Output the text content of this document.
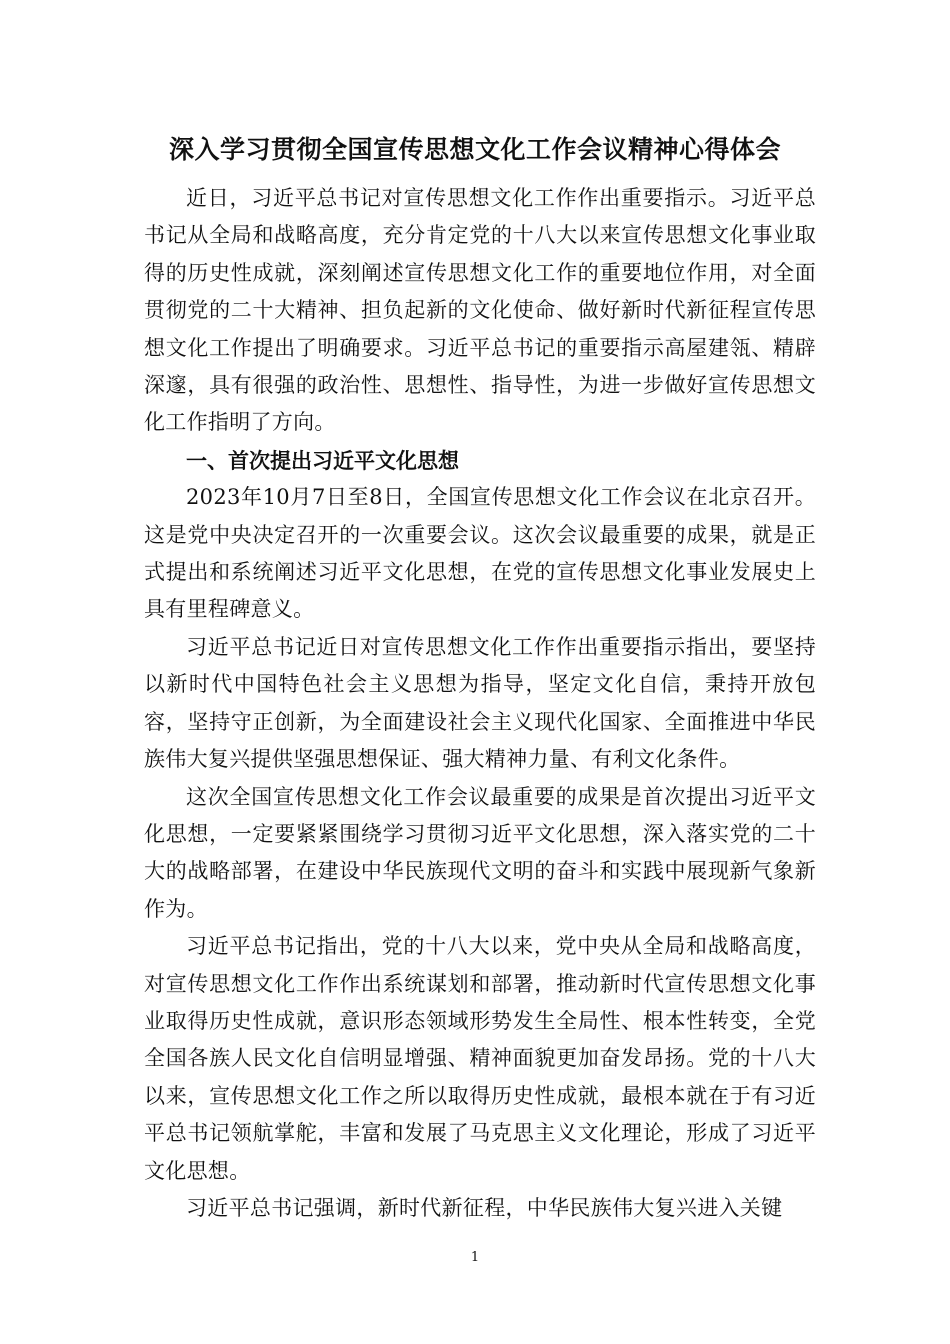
深入学习贯彻全国宣传思想文化工作会议精神心得体会

近日，习近平总书记对宣传思想文化工作作出重要指示。习近平总书记从全局和战略高度，充分肯定党的十八大以来宣传思想文化事业取得的历史性成就，深刻阐述宣传思想文化工作的重要地位作用，对全面贯彻党的二十大精神、担负起新的文化使命、做好新时代新征程宣传思想文化工作提出了明确要求。习近平总书记的重要指示高屋建瓴、精辟深邃，具有很强的政治性、思想性、指导性，为进一步做好宣传思想文化工作指明了方向。

一、首次提出习近平文化思想

2023年10月7日至8日，全国宣传思想文化工作会议在北京召开。这是党中央决定召开的一次重要会议。这次会议最重要的成果，就是正式提出和系统阐述习近平文化思想，在党的宣传思想文化事业发展史上具有里程碑意义。

习近平总书记近日对宣传思想文化工作作出重要指示指出，要坚持以新时代中国特色社会主义思想为指导，坚定文化自信，秉持开放包容，坚持守正创新，为全面建设社会主义现代化国家、全面推进中华民族伟大复兴提供坚强思想保证、强大精神力量、有利文化条件。

这次全国宣传思想文化工作会议最重要的成果是首次提出习近平文化思想，一定要紧紧围绕学习贯彻习近平文化思想，深入落实党的二十大的战略部署，在建设中华民族现代文明的奋斗和实践中展现新气象新作为。

习近平总书记指出，党的十八大以来，党中央从全局和战略高度，对宣传思想文化工作作出系统谋划和部署，推动新时代宣传思想文化事业取得历史性成就，意识形态领域形势发生全局性、根本性转变，全党全国各族人民文化自信明显增强、精神面貌更加奋发昂扬。党的十八大以来，宣传思想文化工作之所以取得历史性成就，最根本就在于有习近平总书记领航掌舵，丰富和发展了马克思主义文化理论，形成了习近平文化思想。

习近平总书记强调，新时代新征程，中华民族伟大复兴进入关键

1
